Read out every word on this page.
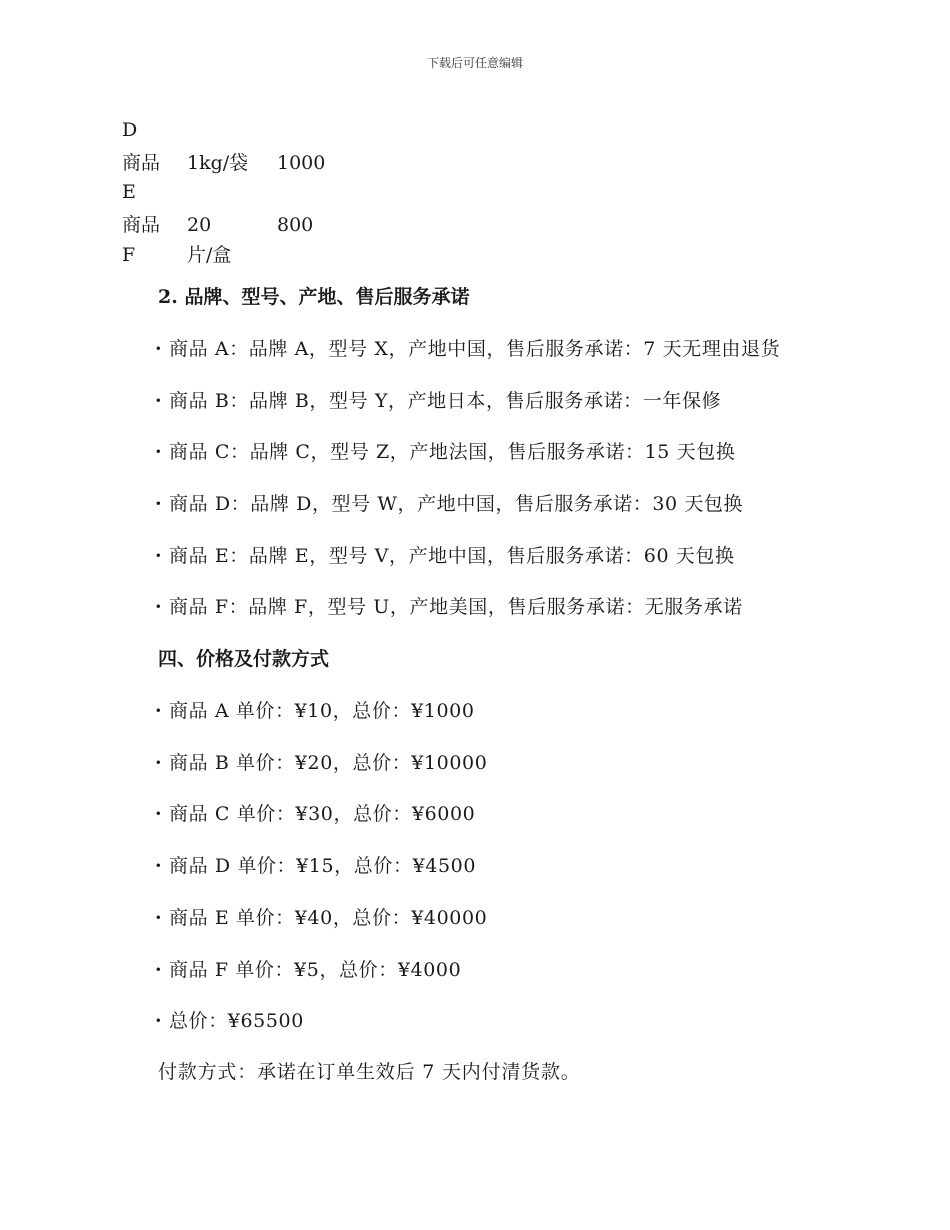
下载后可任意编辑
D
商品 1kg/袋 1000
E
商品 20	800
F	片/盒
2. 品牌、型号、产地、售后服务承诺
· 商品 A：品牌 A，型号 X，产地中国，售后服务承诺：7 天无理由退货
· 商品 B：品牌 B，型号 Y，产地日本，售后服务承诺：一年保修
· 商品 C：品牌 C，型号 Z，产地法国，售后服务承诺：15 天包换
· 商品 D：品牌 D，型号 W，产地中国，售后服务承诺：30 天包换
· 商品 E：品牌 E，型号 V，产地中国，售后服务承诺：60 天包换
· 商品 F：品牌 F，型号 U，产地美国，售后服务承诺：无服务承诺
四、价格及付款方式
· 商品 A 单价：¥10，总价：¥1000
· 商品 B 单价：¥20，总价：¥10000
· 商品 C 单价：¥30，总价：¥6000
· 商品 D 单价：¥15，总价：¥4500
· 商品 E 单价：¥40，总价：¥40000
· 商品 F 单价：¥5，总价：¥4000
· 总价：¥65500
付款方式：承诺在订单生效后 7 天内付清货款。
